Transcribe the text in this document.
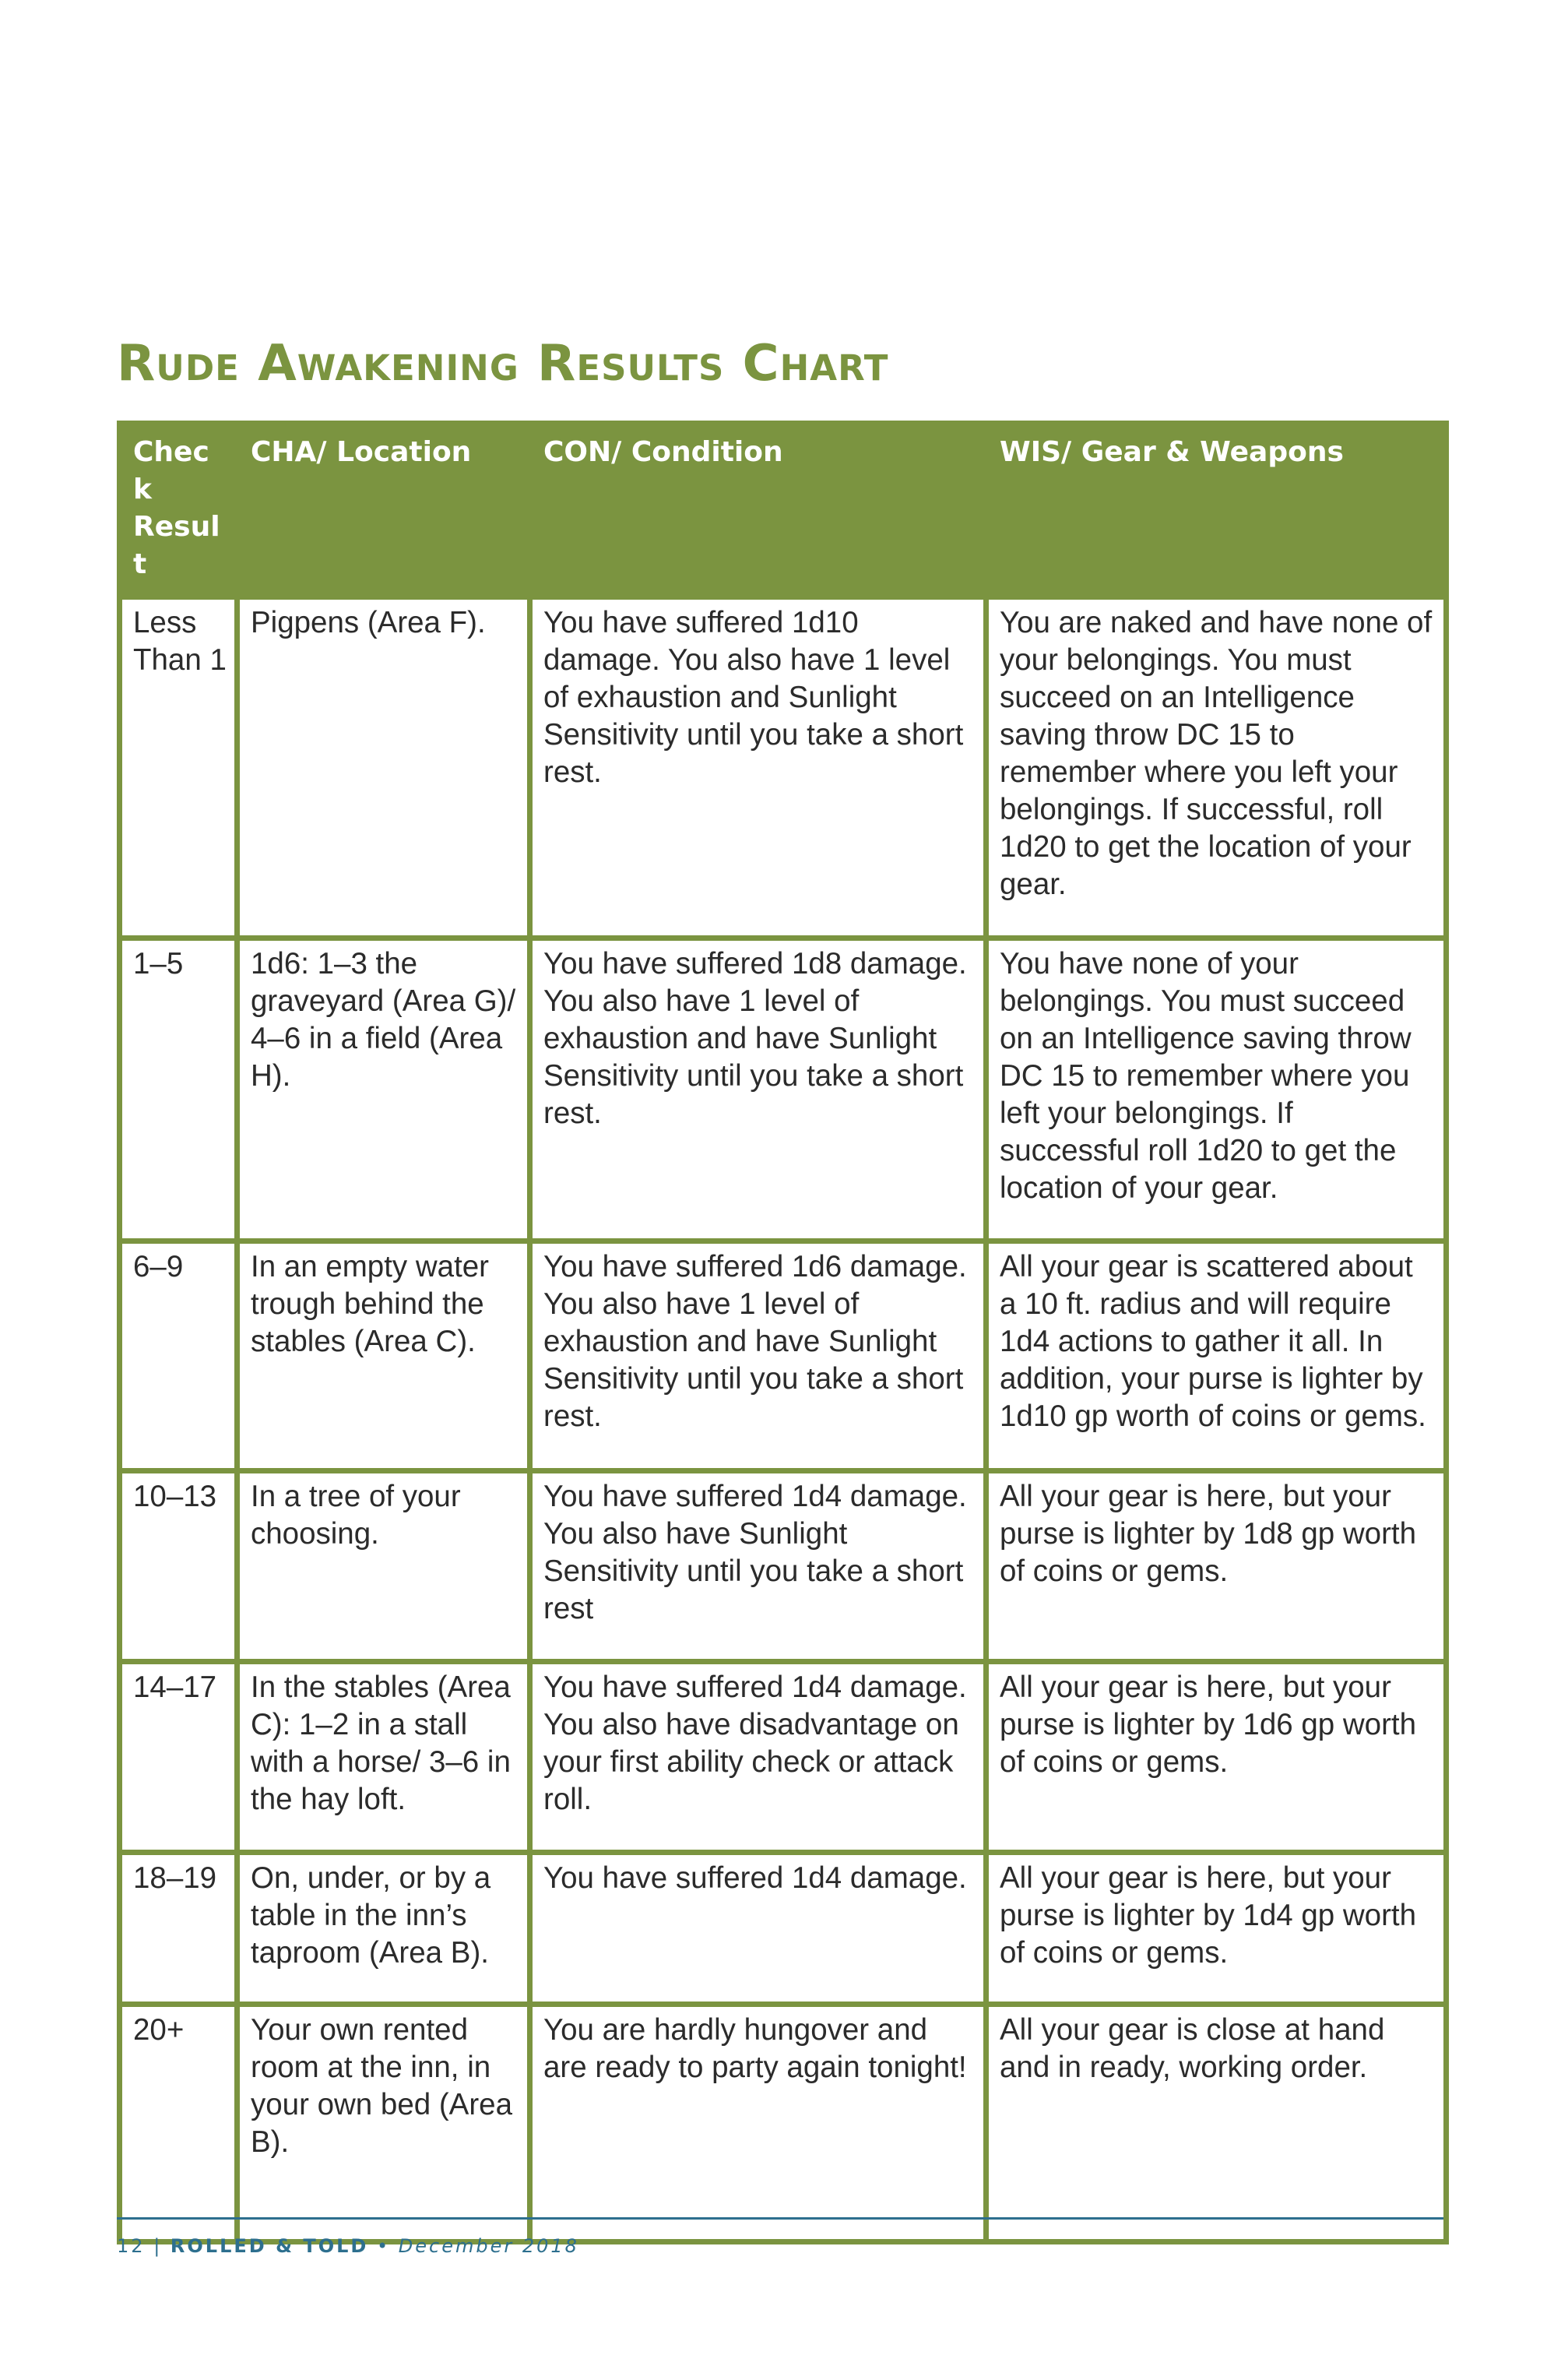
Rude Awakening Results Chart
Check Result	CHA/ Location	CON/ Condition	WIS/ Gear & Weapons
Less Than 1	Pigpens (Area F).	You have suffered 1d10 damage. You also have 1 level of exhaustion and Sunlight Sensitivity until you take a short rest.	You are naked and have none of your belongings. You must succeed on an Intelligence saving throw DC 15 to remember where you left your belongings. If successful, roll 1d20 to get the location of your gear.
1–5	1d6: 1–3 the graveyard (Area G)/ 4–6 in a field (Area H).	You have suffered 1d8 damage. You also have 1 level of exhaustion and have Sunlight Sensitivity until you take a short rest.	You have none of your belongings. You must succeed on an Intelligence saving throw DC 15 to remember where you left your belongings. If successful roll 1d20 to get the location of your gear.
6–9	In an empty water trough behind the stables (Area C).	You have suffered 1d6 damage. You also have 1 level of exhaustion and have Sunlight Sensitivity until you take a short rest.	All your gear is scattered about a 10 ft. radius and will require 1d4 actions to gather it all. In addition, your purse is lighter by 1d10 gp worth of coins or gems.
10–13	In a tree of your choosing.	You have suffered 1d4 damage. You also have Sunlight Sensitivity until you take a short rest	All your gear is here, but your purse is lighter by 1d8 gp worth of coins or gems.
14–17	In the stables (Area C): 1–2 in a stall with a horse/ 3–6 in the hay loft.	You have suffered 1d4 damage. You also have disadvantage on your first ability check or attack roll.	All your gear is here, but your purse is lighter by 1d6 gp worth of coins or gems.
18–19	On, under, or by a table in the inn’s taproom (Area B).	You have suffered 1d4 damage.	All your gear is here, but your purse is lighter by 1d4 gp worth of coins or gems.
20+	Your own rented room at the inn, in your own bed (Area B).	You are hardly hungover and are ready to party again tonight!	All your gear is close at hand and in ready, working order.
12 | ROLLED & TOLD • December 2018
